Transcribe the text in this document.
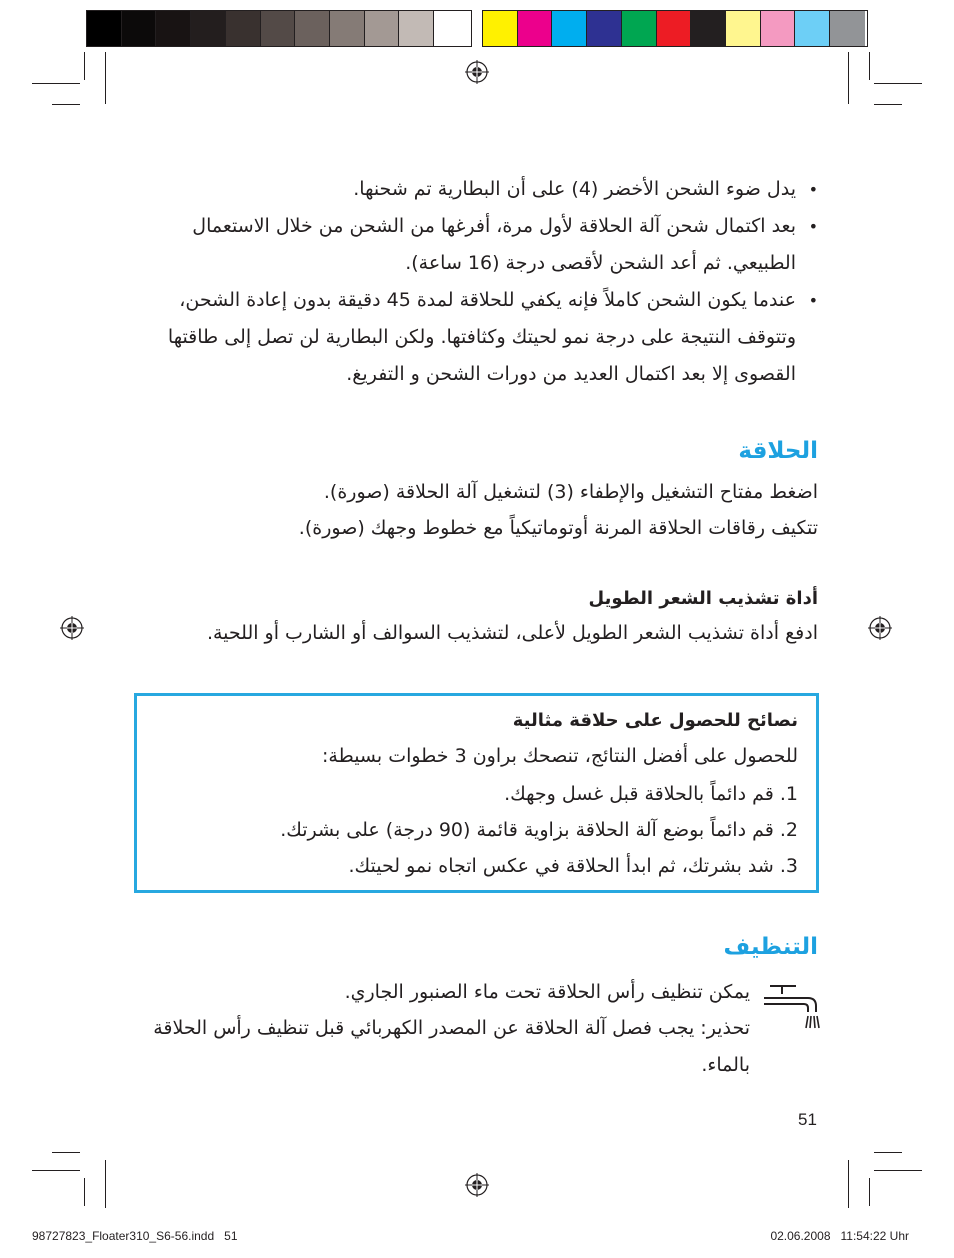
•
يدل ضوء الشحن الأخضر (4) على أن البطارية تم شحنها.
•
بعد اكتمال شحن آلة الحلاقة لأول مرة، أفرغها من الشحن من خلال الاستعمال الطبيعي. ثم أعد الشحن لأقصى درجة (16 ساعة).
•
عندما يكون الشحن كاملاً فإنه يكفي للحلاقة لمدة 45 دقيقة بدون إعادة الشحن، وتتوقف النتيجة على درجة نمو لحيتك وكثافتها. ولكن البطارية لن تصل إلى طاقتها القصوى إلا بعد اكتمال العديد من دورات الشحن و التفريغ.
الحلاقة
اضغط مفتاح التشغيل والإطفاء (3) لتشغيل آلة الحلاقة (صورة).
تتكيف رقاقات الحلاقة المرنة أوتوماتيكياً مع خطوط وجهك (صورة).
أداة تشذيب الشعر الطويل
ادفع أداة تشذيب الشعر الطويل لأعلى، لتشذيب السوالف أو الشارب أو اللحية.
نصائح للحصول على حلاقة مثالية
للحصول على أفضل النتائج، تنصحك براون 3 خطوات بسيطة:
1. قم دائماً بالحلاقة قبل غسل وجهك.
2. قم دائماً بوضع آلة الحلاقة بزاوية قائمة (90 درجة) على بشرتك.
3. شد بشرتك، ثم ابدأ الحلاقة في عكس اتجاه نمو لحيتك.
التنظيف
يمكن تنظيف رأس الحلاقة تحت ماء الصنبور الجاري.
تحذير: يجب فصل آلة الحلاقة عن المصدر الكهربائي قبل تنظيف رأس الحلاقة بالماء.
51
98727823_Floater310_S6-56.indd   51	02.06.2008   11:54:22 Uhr
